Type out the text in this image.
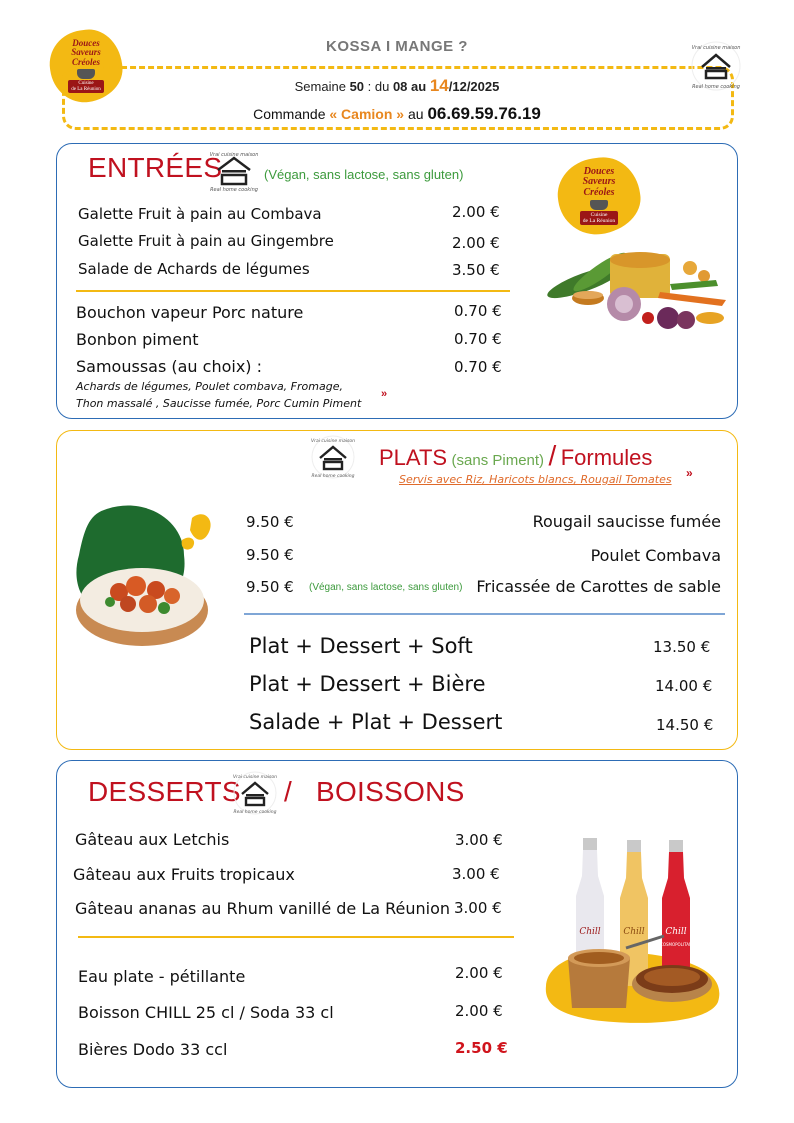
Douces
Saveurs
Créoles
Cuisine
de La Réunion
KOSSA I MANGE ?
Semaine 50 : du 08 au 14/12/2025
Commande « Camion » au 06.69.59.76.19
Vrai cuisine maison
Real home cooking
ENTRÉES
Vrai cuisine maison
Real home cooking
(Végan, sans lactose, sans gluten)
Galette Fruit à pain au Combava	2.00 €
Galette Fruit à pain au Gingembre	2.00 €
Salade de Achards de légumes	3.50 €
Bouchon vapeur Porc nature	0.70 €
Bonbon piment	0.70 €
Samoussas (au choix) :	0.70 €
Achards de légumes, Poulet combava, Fromage,
Thon massalé , Saucisse fumée, Porc Cumin Piment
»
Douces
Saveurs
Créoles
Cuisine
de La Réunion
Vrai cuisine maison
Real home cooking
PLATS (sans Piment) / Formules
Servis avec Riz, Haricots blancs, Rougail Tomates »
9.50 €	Rougail saucisse fumée
9.50 €	Poulet Combava
9.50 € (Végan, sans lactose, sans gluten) Fricassée de Carottes de sable
Plat + Dessert + Soft	13.50 €
Plat + Dessert + Bière	14.00 €
Salade + Plat + Dessert	14.50 €
DESSERTS
Vrai cuisine maison
Real home cooking
/ BOISSONS
Gâteau aux Letchis	3.00 €
Gâteau aux Fruits tropicaux	3.00 €
Gâteau ananas au Rhum vanillé de La Réunion 3.00 €
Eau plate - pétillante	2.00 €
Boisson CHILL 25 cl / Soda 33 cl	2.00 €
Bières Dodo 33 ccl	2.50 €
Chill	Chill Chill
COSMOPOLITAN
